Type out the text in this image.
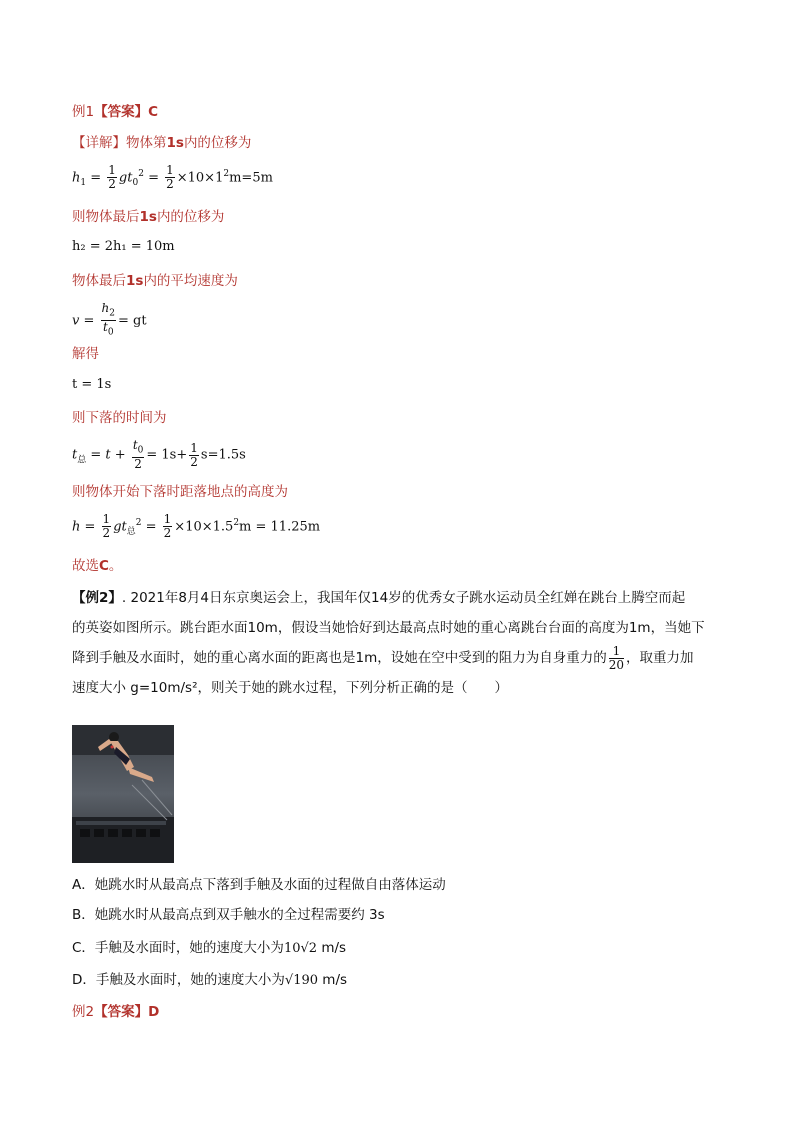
例1【答案】C
【详解】物体第1s内的位移为
$h_1 = \frac{1}{2} gt_0^2 = \frac{1}{2} \times 10\times 1^2m=5m$
则物体最后1s内的位移为
h₂ = 2h₁ = 10m
物体最后1s内的平均速度为
$v = \frac{h_2}{t_0}$ = gt
解得
t = 1s
则下落的时间为
$t_总 = t + \frac{t_0}{2} = 1s+ \frac{1}{2} s=1.5s$
则物体开始下落时距落地点的高度为
$h = \frac{1}{2} gt_总^2 = \frac{1}{2} \times 10\times 1.5^2m = 11.25m$
故选C。
【例2】. 2021年8月4日东京奥运会上，我国年仅14岁的优秀女子跳水运动员全红婵在跳台上腾空而起
的英姿如图所示。跳台距水面10m，假设当她恰好到达最高点时她的重心离跳台台面的高度为1m，当她下
降到手触及水面时，她的重心离水面的距离也是1m，设她在空中受到的阻力为自身重力的 $\frac{1}{20}$ ，取重力加
速度大小 g=10m/s²，则关于她的跳水过程，下列分析正确的是（　　）
A．她跳水时从最高点下落到手触及水面的过程做自由落体运动
B．她跳水时从最高点到双手触水的全过程需要约 3s
C．手触及水面时，她的速度大小为10√2 m/s
D．手触及水面时，她的速度大小为√190 m/s
例2【答案】D
